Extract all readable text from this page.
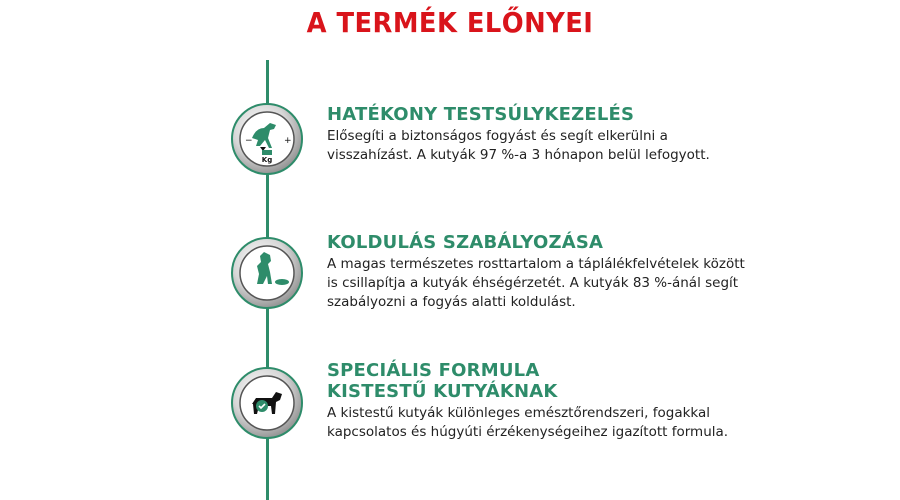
A TERMÉK ELŐNYEI
Kg
−	+
HATÉKONY TESTSÚLYKEZELÉS
Elősegíti a biztonságos fogyást és segít elkerülni a visszahízást. A kutyák 97 %-a 3 hónapon belül lefogyott.
KOLDULÁS SZABÁLYOZÁSA
A magas természetes rosttartalom a táplálékfelvételek között is csillapítja a kutyák éhségérzetét. A kutyák 83 %-ánál segít szabályozni a fogyás alatti koldulást.
SPECIÁLIS FORMULA
KISTESTŰ KUTYÁKNAK
A kistestű kutyák különleges emésztőrendszeri, fogakkal kapcsolatos és húgyúti érzékenységeihez igazított formula.
